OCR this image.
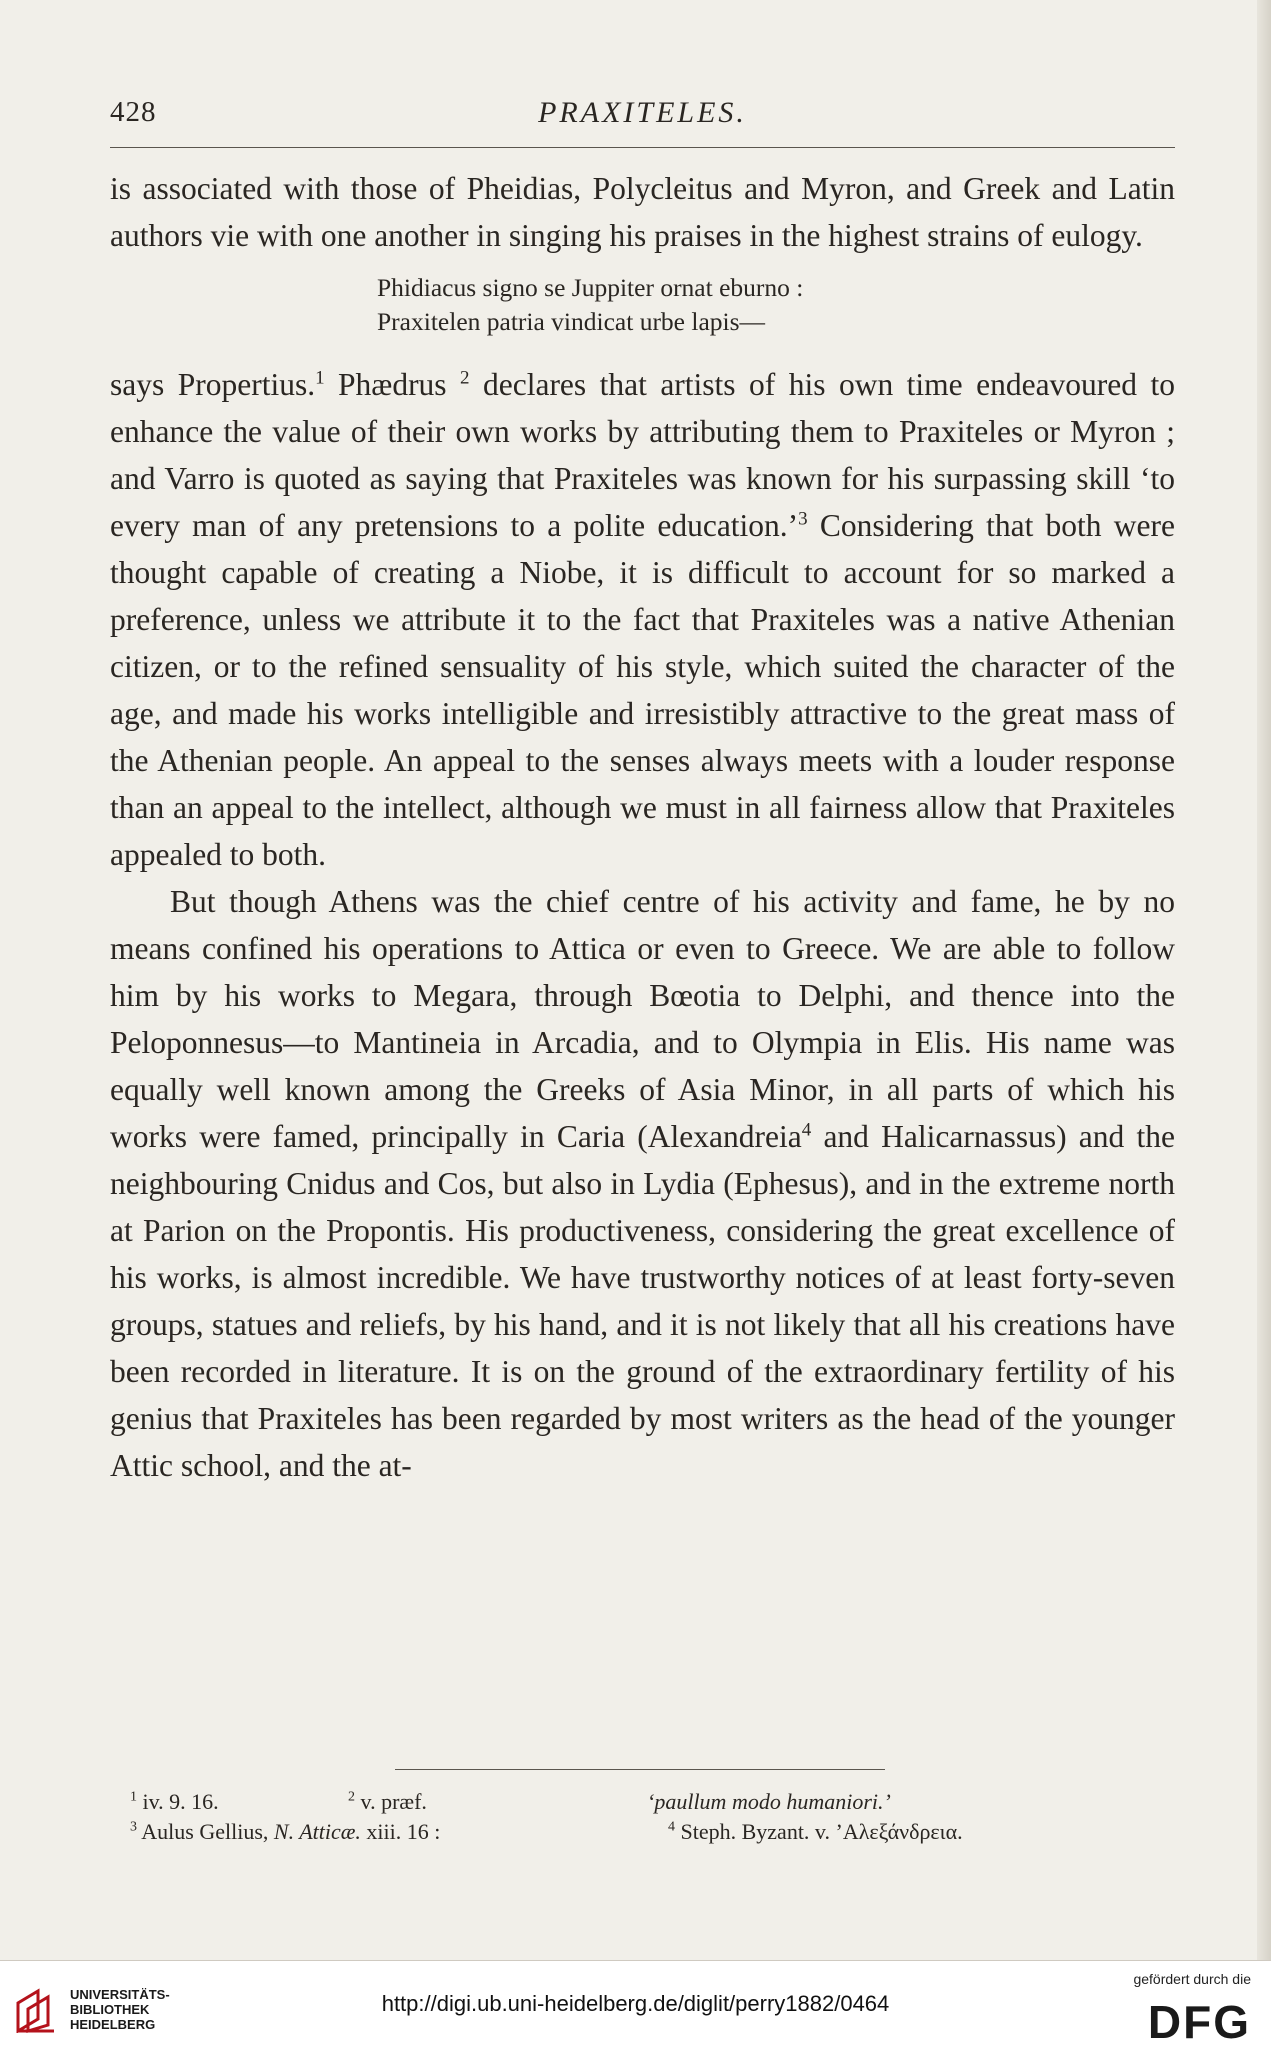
428	PRAXITELES.

is associated with those of Pheidias, Polycleitus and Myron, and Greek and Latin authors vie with one another in singing his praises in the highest strains of eulogy.

Phidiacus signo se Juppiter ornat eburno :
Praxitelen patria vindicat urbe lapis—

says Propertius.$^1$ Phædrus $^2$ declares that artists of his own time endeavoured to enhance the value of their own works by attributing them to Praxiteles or Myron ; and Varro is quoted as saying that Praxiteles was known for his surpassing skill ‘to every man of any pretensions to a polite education.’$^3$ Considering that both were thought capable of creating a Niobe, it is difficult to account for so marked a preference, unless we attribute it to the fact that Praxiteles was a native Athenian citizen, or to the refined sensuality of his style, which suited the character of the age, and made his works intelligible and irresistibly attractive to the great mass of the Athenian people. An appeal to the senses always meets with a louder response than an appeal to the intellect, although we must in all fairness allow that Praxiteles appealed to both.

But though Athens was the chief centre of his activity and fame, he by no means confined his operations to Attica or even to Greece. We are able to follow him by his works to Megara, through Bœotia to Delphi, and thence into the Peloponnesus—to Mantineia in Arcadia, and to Olympia in Elis. His name was equally well known among the Greeks of Asia Minor, in all parts of which his works were famed, principally in Caria (Alexandreia$^4$ and Halicarnassus) and the neighbouring Cnidus and Cos, but also in Lydia (Ephesus), and in the extreme north at Parion on the Propontis. His productiveness, considering the great excellence of his works, is almost incredible. We have trustworthy notices of at least forty-seven groups, statues and reliefs, by his hand, and it is not likely that all his creations have been recorded in literature. It is on the ground of the extraordinary fertility of his genius that Praxiteles has been regarded by most writers as the head of the younger Attic school, and the at-

$^1$ iv. 9. 16.	$^2$ v. præf.	‘paullum modo humaniori.’
$^3$ Aulus Gellius, N. Atticæ. xiii. 16 :	$^4$ Steph. Byzant. v. ’Αλεξάνδρεια.
UNIVERSITÄTS-
BIBLIOTHEK
HEIDELBERG
http://digi.ub.uni-heidelberg.de/diglit/perry1882/0464
gefördert durch die
DFG
